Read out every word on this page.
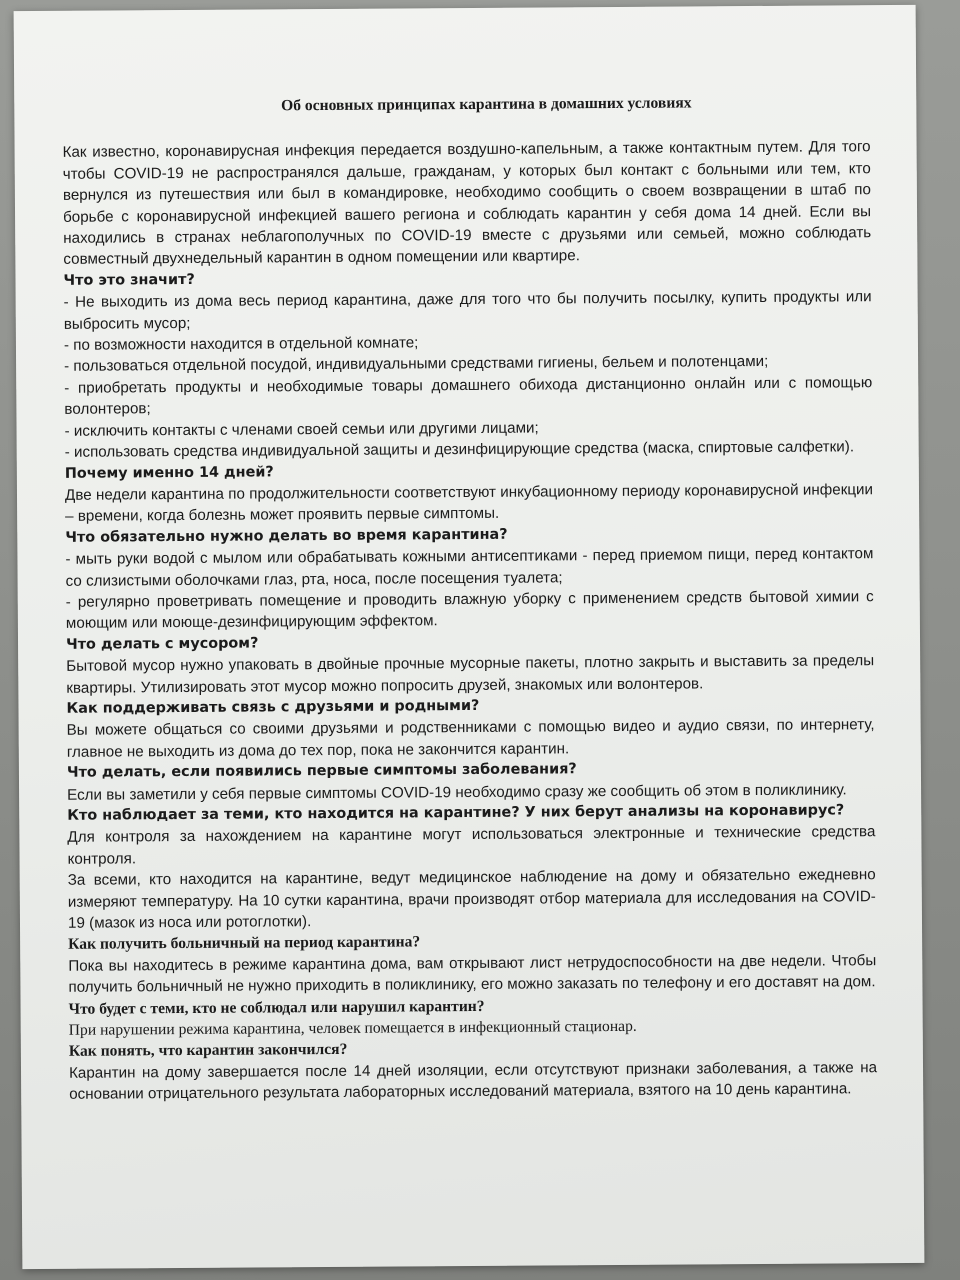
Об основных принципах карантина в домашних условиях

Как известно, коронавирусная инфекция передается воздушно-капельным, а также контактным путем. Для того чтобы COVID-19 не распространялся дальше, гражданам, у которых был контакт с больными или тем, кто вернулся из путешествия или был в командировке, необходимо сообщить о своем возвращении в штаб по борьбе с коронавирусной инфекцией вашего региона и соблюдать карантин у себя дома 14 дней. Если вы находились в странах неблагополучных по COVID-19 вместе с друзьями или семьей, можно соблюдать совместный двухнедельный карантин в одном помещении или квартире.

Что это значит?

- Не выходить из дома весь период карантина, даже для того что бы получить посылку, купить продукты или выбросить мусор;

- по возможности находится в отдельной комнате;

- пользоваться отдельной посудой, индивидуальными средствами гигиены, бельем и полотенцами;

- приобретать продукты и необходимые товары домашнего обихода дистанционно онлайн или с помощью волонтеров;

- исключить контакты с членами своей семьи или другими лицами;

- использовать средства индивидуальной защиты и дезинфицирующие средства (маска, спиртовые салфетки).

Почему именно 14 дней?

Две недели карантина по продолжительности соответствуют инкубационному периоду коронавирусной инфекции – времени, когда болезнь может проявить первые симптомы.

Что обязательно нужно делать во время карантина?

- мыть руки водой с мылом или обрабатывать кожными антисептиками - перед приемом пищи, перед контактом со слизистыми оболочками глаз, рта, носа, после посещения туалета;

- регулярно проветривать помещение и проводить влажную уборку с применением средств бытовой химии с моющим или моюще-дезинфицирующим эффектом.

Что делать с мусором?

Бытовой мусор нужно упаковать в двойные прочные мусорные пакеты, плотно закрыть и выставить за пределы квартиры. Утилизировать этот мусор можно попросить друзей, знакомых или волонтеров.

Как поддерживать связь с друзьями и родными?

Вы можете общаться со своими друзьями и родственниками с помощью видео и аудио связи, по интернету, главное не выходить из дома до тех пор, пока не закончится карантин.

Что делать, если появились первые симптомы заболевания?

Если вы заметили у себя первые симптомы COVID-19 необходимо сразу же сообщить об этом в поликлинику.

Кто наблюдает за теми, кто находится на карантине? У них берут анализы на коронавирус?

Для контроля за нахождением на карантине могут использоваться электронные и технические средства контроля.

За всеми, кто находится на карантине, ведут медицинское наблюдение на дому и обязательно ежедневно измеряют температуру. На 10 сутки карантина, врачи производят отбор материала для исследования на COVID-19 (мазок из носа или ротоглотки).

Как получить больничный на период карантина?

Пока вы находитесь в режиме карантина дома, вам открывают лист нетрудоспособности на две недели. Чтобы получить больничный не нужно приходить в поликлинику, его можно заказать по телефону и его доставят на дом.

Что будет с теми, кто не соблюдал или нарушил карантин?

При нарушении режима карантина, человек помещается в инфекционный стационар.

Как понять, что карантин закончился?

Карантин на дому завершается после 14 дней изоляции, если отсутствуют признаки заболевания, а также на основании отрицательного результата лабораторных исследований материала, взятого на 10 день карантина.
